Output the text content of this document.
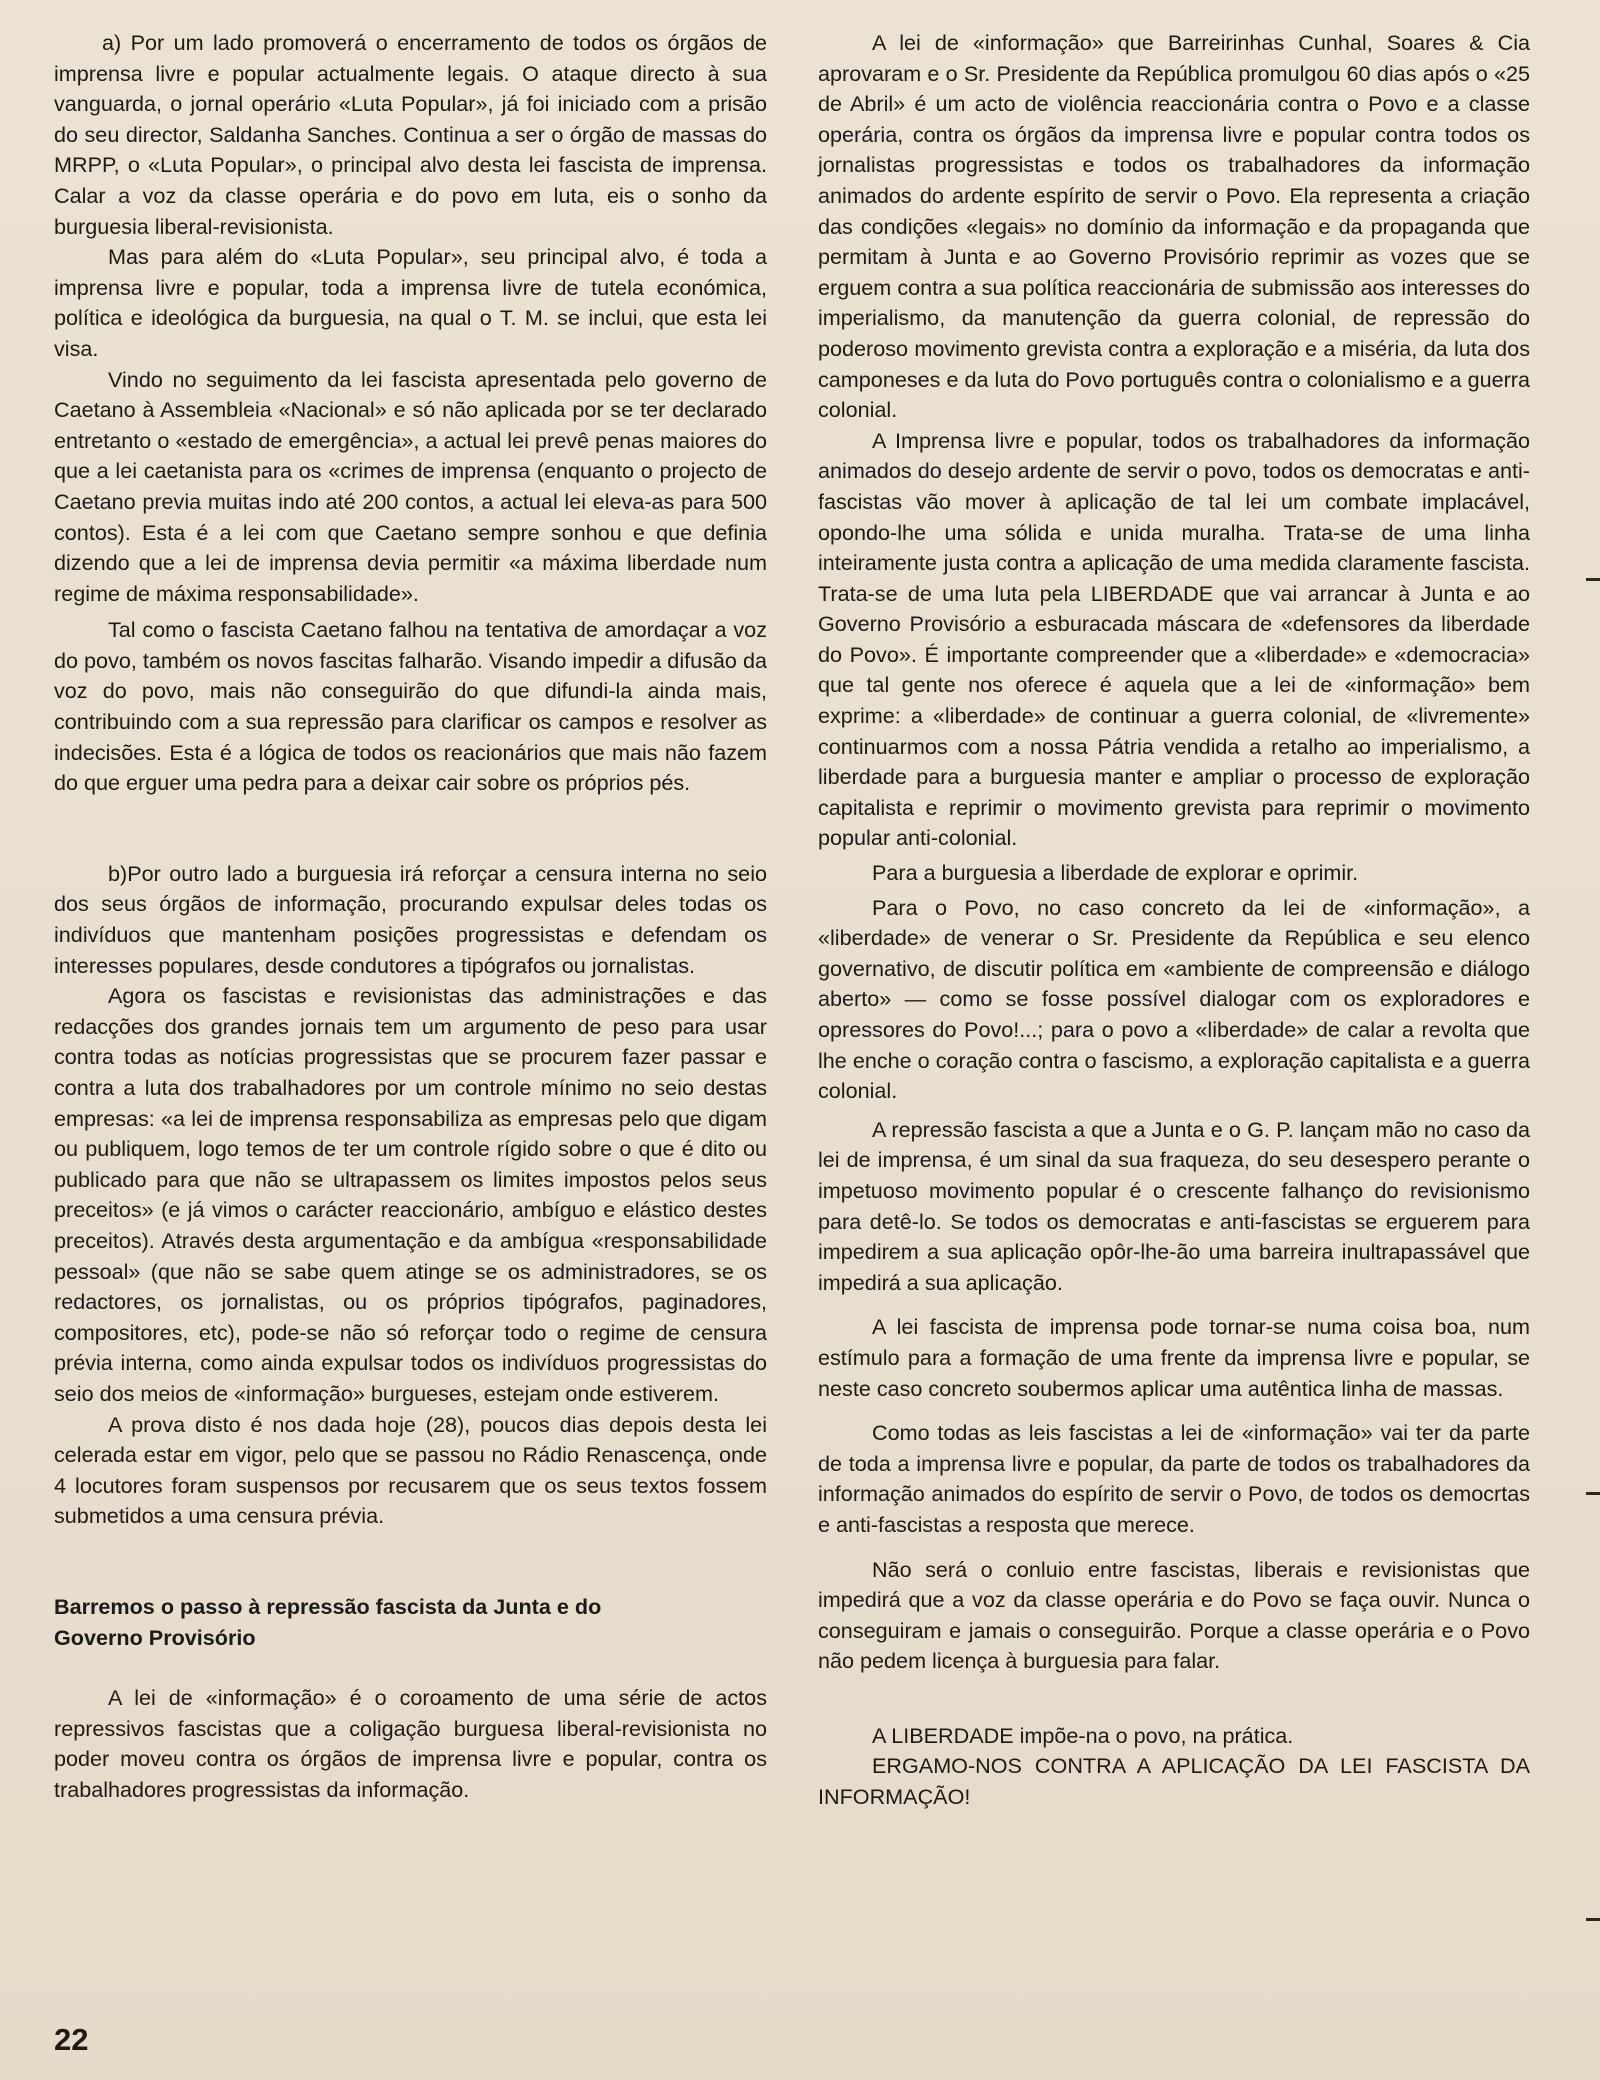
a) Por um lado promoverá o encerramento de todos os órgãos de imprensa livre e popular actualmente legais. O ataque directo à sua vanguarda, o jornal operário «Luta Popular», já foi iniciado com a prisão do seu director, Saldanha Sanches. Continua a ser o órgão de massas do MRPP, o «Luta Popular», o principal alvo desta lei fascista de imprensa. Calar a voz da classe operária e do povo em luta, eis o sonho da burguesia liberal-revisionista.

Mas para além do «Luta Popular», seu principal alvo, é toda a imprensa livre e popular, toda a imprensa livre de tutela económica, política e ideológica da burguesia, na qual o T. M. se inclui, que esta lei visa.

Vindo no seguimento da lei fascista apresentada pelo governo de Caetano à Assembleia «Nacional» e só não aplicada por se ter declarado entretanto o «estado de emergência», a actual lei prevê penas maiores do que a lei caetanista para os «crimes de imprensa (enquanto o projecto de Caetano previa muitas indo até 200 contos, a actual lei eleva-as para 500 contos). Esta é a lei com que Caetano sempre sonhou e que definia dizendo que a lei de imprensa devia permitir «a máxima liberdade num regime de máxima responsabilidade».

Tal como o fascista Caetano falhou na tentativa de amordaçar a voz do povo, também os novos fascitas falharão. Visando impedir a difusão da voz do povo, mais não conseguirão do que difundi-la ainda mais, contribuindo com a sua repressão para clarificar os campos e resolver as indecisões. Esta é a lógica de todos os reacionários que mais não fazem do que erguer uma pedra para a deixar cair sobre os próprios pés.

b)Por outro lado a burguesia irá reforçar a censura interna no seio dos seus órgãos de informação, procurando expulsar deles todas os indivíduos que mantenham posições progressistas e defendam os interesses populares, desde condutores a tipógrafos ou jornalistas.

Agora os fascistas e revisionistas das administrações e das redacções dos grandes jornais tem um argumento de peso para usar contra todas as notícias progressistas que se procurem fazer passar e contra a luta dos trabalhadores por um controle mínimo no seio destas empresas: «a lei de imprensa responsabiliza as empresas pelo que digam ou publiquem, logo temos de ter um controle rígido sobre o que é dito ou publicado para que não se ultrapassem os limites impostos pelos seus preceitos» (e já vimos o carácter reaccionário, ambíguo e elástico destes preceitos). Através desta argumentação e da ambígua «responsabilidade pessoal» (que não se sabe quem atinge se os administradores, se os redactores, os jornalistas, ou os próprios tipógrafos, paginadores, compositores, etc), pode-se não só reforçar todo o regime de censura prévia interna, como ainda expulsar todos os indivíduos progressistas do seio dos meios de «informação» burgueses, estejam onde estiverem.

A prova disto é nos dada hoje (28), poucos dias depois desta lei celerada estar em vigor, pelo que se passou no Rádio Renascença, onde 4 locutores foram suspensos por recusarem que os seus textos fossem submetidos a uma censura prévia.

Barremos o passo à repressão fascista da Junta e do Governo Provisório

A lei de «informação» é o coroamento de uma série de actos repressivos fascistas que a coligação burguesa liberal-revisionista no poder moveu contra os órgãos de imprensa livre e popular, contra os trabalhadores progressistas da informação.

A lei de «informação» que Barreirinhas Cunhal, Soares & Cia aprovaram e o Sr. Presidente da República promulgou 60 dias após o «25 de Abril» é um acto de violência reaccionária contra o Povo e a classe operária, contra os órgãos da imprensa livre e popular contra todos os jornalistas progressistas e todos os trabalhadores da informação animados do ardente espírito de servir o Povo. Ela representa a criação das condições «legais» no domínio da informação e da propaganda que permitam à Junta e ao Governo Provisório reprimir as vozes que se erguem contra a sua política reaccionária de submissão aos interesses do imperialismo, da manutenção da guerra colonial, de repressão do poderoso movimento grevista contra a exploração e a miséria, da luta dos camponeses e da luta do Povo português contra o colonialismo e a guerra colonial.

A Imprensa livre e popular, todos os trabalhadores da informação animados do desejo ardente de servir o povo, todos os democratas e anti-fascistas vão mover à aplicação de tal lei um combate implacável, opondo-lhe uma sólida e unida muralha. Trata-se de uma linha inteiramente justa contra a aplicação de uma medida claramente fascista. Trata-se de uma luta pela LIBERDADE que vai arrancar à Junta e ao Governo Provisório a esburacada máscara de «defensores da liberdade do Povo». É importante compreender que a «liberdade» e «democracia» que tal gente nos oferece é aquela que a lei de «informação» bem exprime: a «liberdade» de continuar a guerra colonial, de «livremente» continuarmos com a nossa Pátria vendida a retalho ao imperialismo, a liberdade para a burguesia manter e ampliar o processo de exploração capitalista e reprimir o movimento grevista para reprimir o movimento popular anti-colonial.

Para a burguesia a liberdade de explorar e oprimir.

Para o Povo, no caso concreto da lei de «informação», a «liberdade» de venerar o Sr. Presidente da República e seu elenco governativo, de discutir política em «ambiente de compreensão e diálogo aberto» — como se fosse possível dialogar com os exploradores e opressores do Povo!...; para o povo a «liberdade» de calar a revolta que lhe enche o coração contra o fascismo, a exploração capitalista e a guerra colonial.

A repressão fascista a que a Junta e o G. P. lançam mão no caso da lei de imprensa, é um sinal da sua fraqueza, do seu desespero perante o impetuoso movimento popular é o crescente falhanço do revisionismo para detê-lo. Se todos os democratas e anti-fascistas se erguerem para impedirem a sua aplicação opôr-lhe-ão uma barreira inultrapassável que impedirá a sua aplicação.

A lei fascista de imprensa pode tornar-se numa coisa boa, num estímulo para a formação de uma frente da imprensa livre e popular, se neste caso concreto soubermos aplicar uma autêntica linha de massas.

Como todas as leis fascistas a lei de «informação» vai ter da parte de toda a imprensa livre e popular, da parte de todos os trabalhadores da informação animados do espírito de servir o Povo, de todos os democrtas e anti-fascistas a resposta que merece.

Não será o conluio entre fascistas, liberais e revisionistas que impedirá que a voz da classe operária e do Povo se faça ouvir. Nunca o conseguiram e jamais o conseguirão. Porque a classe operária e o Povo não pedem licença à burguesia para falar.

A LIBERDADE impõe-na o povo, na prática.

ERGAMO-NOS CONTRA A APLICAÇÃO DA LEI FASCISTA DA INFORMAÇÃO!

22
